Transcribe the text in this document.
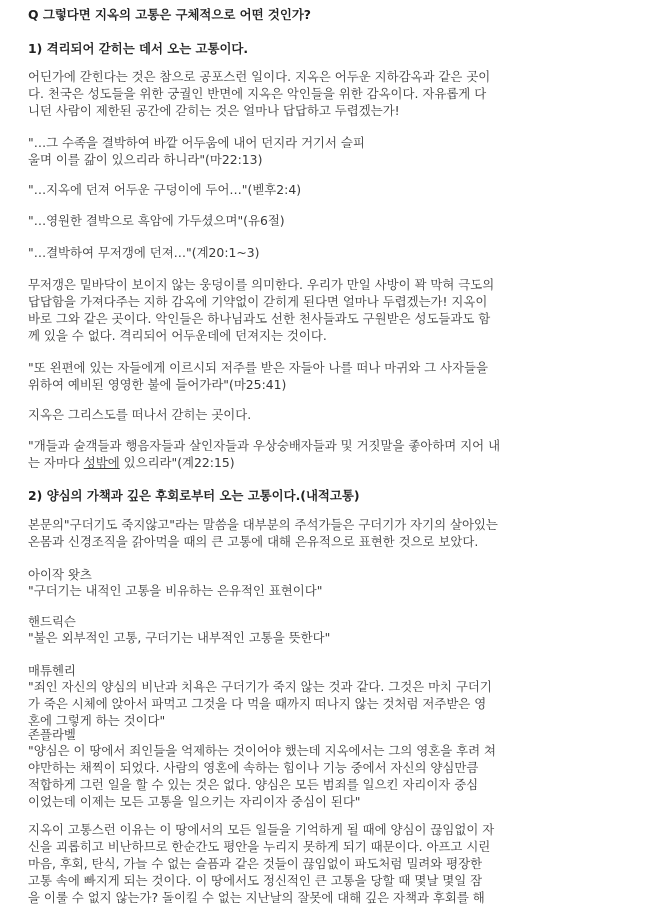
Q 그렇다면 지옥의 고통은 구체적으로 어떤 것인가?

1) 격리되어 갇히는 데서 오는 고통이다.

어딘가에 갇힌다는 것은 참으로 공포스런 일이다. 지옥은 어두운 지하감옥과 같은 곳이
다. 천국은 성도들을 위한 궁궐인 반면에 지옥은 악인들을 위한 감옥이다. 자유롭게 다
니던 사람이 제한된 공간에 갇히는 것은 얼마나 답답하고 두렵겠는가!

"…그 수족을 결박하여 바깥 어두움에 내어 던지라 거기서 슬피
울며 이를 갊이 있으리라 하니라"(마22:13)

"…지옥에 던져 어두운 구덩이에 두어…"(벧후2:4)

"…영원한 결박으로 흑암에 가두셨으며"(유6절)

"…결박하여 무저갱에 던져…"(계20:1~3)

무저갱은 밑바닥이 보이지 않는 웅덩이를 의미한다. 우리가 만일 사방이 꽉 막혀 극도의
답답함을 가져다주는 지하 감옥에 기약없이 갇히게 된다면 얼마나 두렵겠는가! 지옥이
바로 그와 같은 곳이다. 악인들은 하나님과도 선한 천사들과도 구원받은 성도들과도 함
께 있을 수 없다. 격리되어 어두운데에 던져지는 것이다.

"또 왼편에 있는 자들에게 이르시되 저주를 받은 자들아 나를 떠나 마귀와 그 사자들을
위하여 예비된 영영한 불에 들어가라"(마25:41)

지옥은 그리스도를 떠나서 갇히는 곳이다.

"개들과 술객들과 행음자들과 살인자들과 우상숭배자들과 및 거짓말을 좋아하며 지어 내
는 자마다 성밖에 있으리라"(계22:15)

2) 양심의 가책과 깊은 후회로부터 오는 고통이다.(내적고통)

본문의"구더기도 죽지않고"라는 말씀을 대부분의 주석가들은 구더기가 자기의 살아있는
온몸과 신경조직을 갉아먹을 때의 큰 고통에 대해 은유적으로 표현한 것으로 보았다.

아이작 왓츠

"구더기는 내적인 고통을 비유하는 은유적인 표현이다"

핸드릭슨

"불은 외부적인 고통, 구더기는 내부적인 고통을 뜻한다"

매튜헨리

"죄인 자신의 양심의 비난과 치욕은 구더기가 죽지 않는 것과 같다. 그것은 마치 구더기
가 죽은 시체에 앉아서 파먹고 그것을 다 먹을 때까지 떠나지 않는 것처럼 저주받은 영
혼에 그렇게 하는 것이다"

존플라벨

"양심은 이 땅에서 죄인들을 억제하는 것이어야 했는데 지옥에서는 그의 영혼을 후려 쳐
야만하는 채찍이 되었다. 사람의 영혼에 속하는 힘이나 기능 중에서 자신의 양심만큼
적합하게 그런 일을 할 수 있는 것은 없다. 양심은 모든 범죄를 일으킨 자리이자 중심
이었는데 이제는 모든 고통을 일으키는 자리이자 중심이 된다"

지옥이 고통스런 이유는 이 땅에서의 모든 일들을 기억하게 될 때에 양심이 끊임없이 자
신을 괴롭히고 비난하므로 한순간도 평안을 누리지 못하게 되기 때문이다. 아프고 시린
마음, 후회, 탄식, 가늘 수 없는 슬픔과 같은 것들이 끊임없이 파도처럼 밀려와 평장한
고통 속에 빠지게 되는 것이다. 이 땅에서도 정신적인 큰 고통을 당할 때 몇날 몇일 잠
을 이룰 수 없지 않는가? 돌이킬 수 없는 지난날의 잘못에 대해 깊은 자책과 후회를 해
